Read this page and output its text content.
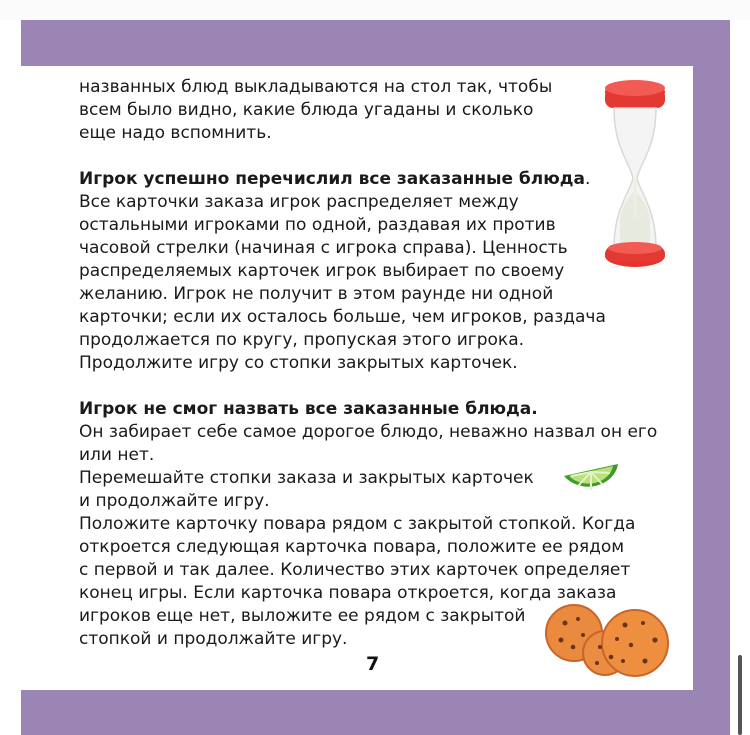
названных блюд выкладываются на стол так, чтобы
всем было видно, какие блюда угаданы и сколько
еще надо вспомнить.
Игрок успешно перечислил все заказанные блюда.
Все карточки заказа игрок распределяет между
остальными игроками по одной, раздавая их против
часовой стрелки (начиная с игрока справа). Ценность
распределяемых карточек игрок выбирает по своему
желанию. Игрок не получит в этом раунде ни одной
карточки; если их осталось больше, чем игроков, раздача
продолжается по кругу, пропуская этого игрока.
Продолжите игру со стопки закрытых карточек.
Игрок не смог назвать все заказанные блюда.
Он забирает себе самое дорогое блюдо, неважно назвал он его
или нет.
Перемешайте стопки заказа и закрытых карточек
и продолжайте игру.
Положите карточку повара рядом с закрытой стопкой. Когда
откроется следующая карточка повара, положите ее рядом
с первой и так далее. Количество этих карточек определяет
конец игры. Если карточка повара откроется, когда заказа
игроков еще нет, выложите ее рядом с закрытой
стопкой и продолжайте игру.
7
